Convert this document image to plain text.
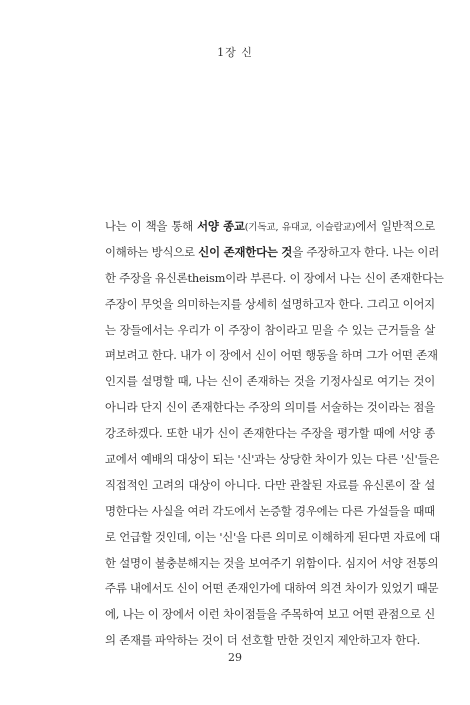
1장 신
나는 이 책을 통해 서양 종교(기독교, 유대교, 이슬람교)에서 일반적으로
이해하는 방식으로 신이 존재한다는 것을 주장하고자 한다. 나는 이러
한 주장을 유신론theism이라 부른다. 이 장에서 나는 신이 존재한다는
주장이 무엇을 의미하는지를 상세히 설명하고자 한다. 그리고 이어지
는 장들에서는 우리가 이 주장이 참이라고 믿을 수 있는 근거들을 살
펴보려고 한다. 내가 이 장에서 신이 어떤 행동을 하며 그가 어떤 존재
인지를 설명할 때, 나는 신이 존재하는 것을 기정사실로 여기는 것이
아니라 단지 신이 존재한다는 주장의 의미를 서술하는 것이라는 점을
강조하겠다. 또한 내가 신이 존재한다는 주장을 평가할 때에 서양 종
교에서 예배의 대상이 되는 '신'과는 상당한 차이가 있는 다른 '신'들은
직접적인 고려의 대상이 아니다. 다만 관찰된 자료를 유신론이 잘 설
명한다는 사실을 여러 각도에서 논증할 경우에는 다른 가설들을 때때
로 언급할 것인데, 이는 '신'을 다른 의미로 이해하게 된다면 자료에 대
한 설명이 불충분해지는 것을 보여주기 위함이다. 심지어 서양 전통의
주류 내에서도 신이 어떤 존재인가에 대하여 의견 차이가 있었기 때문
에, 나는 이 장에서 이런 차이점들을 주목하여 보고 어떤 관점으로 신
의 존재를 파악하는 것이 더 선호할 만한 것인지 제안하고자 한다.
29
